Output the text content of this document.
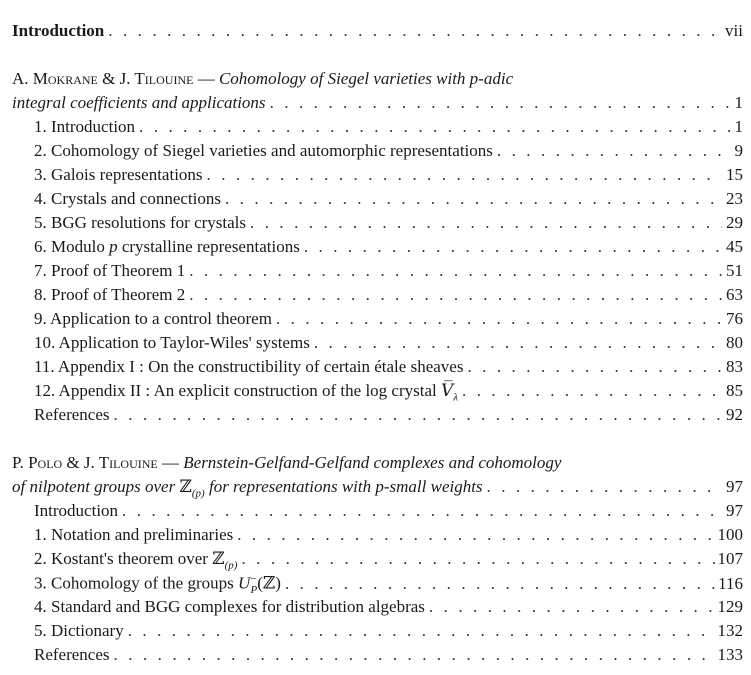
Introduction . . .	vii
A. Mokrane & J. Tilouine — Cohomology of Siegel varieties with p-adic
integral coefficients and applications . . .	1
1. Introduction . . .	1
2. Cohomology of Siegel varieties and automorphic representations . . .	9
3. Galois representations . . .	15
4. Crystals and connections . . .	23
5. BGG resolutions for crystals . . .	29
6. Modulo p crystalline representations . . .	45
7. Proof of Theorem 1 . . .	51
8. Proof of Theorem 2 . . .	63
9. Application to a control theorem . . .	76
10. Application to Taylor-Wiles' systems . . .	80
11. Appendix I : On the constructibility of certain étale sheaves . . .	83
12. Appendix II : An explicit construction of the log crystal $V̅_\lambda$ . . .	85
References . . .	92
P. Polo & J. Tilouine — Bernstein-Gelfand-Gelfand complexes and cohomology
of nilpotent groups over ℤ$_{(p)}$ for representations with p-small weights . . .	97
Introduction . . .	97
1. Notation and preliminaries . . .	100
2. Kostant's theorem over ℤ$_{(p)}$ . . .	107
3. Cohomology of the groups $U^-_P(ℤ)$ . . .	116
4. Standard and BGG complexes for distribution algebras . . .	129
5. Dictionary . . .	132
References . . .	133
